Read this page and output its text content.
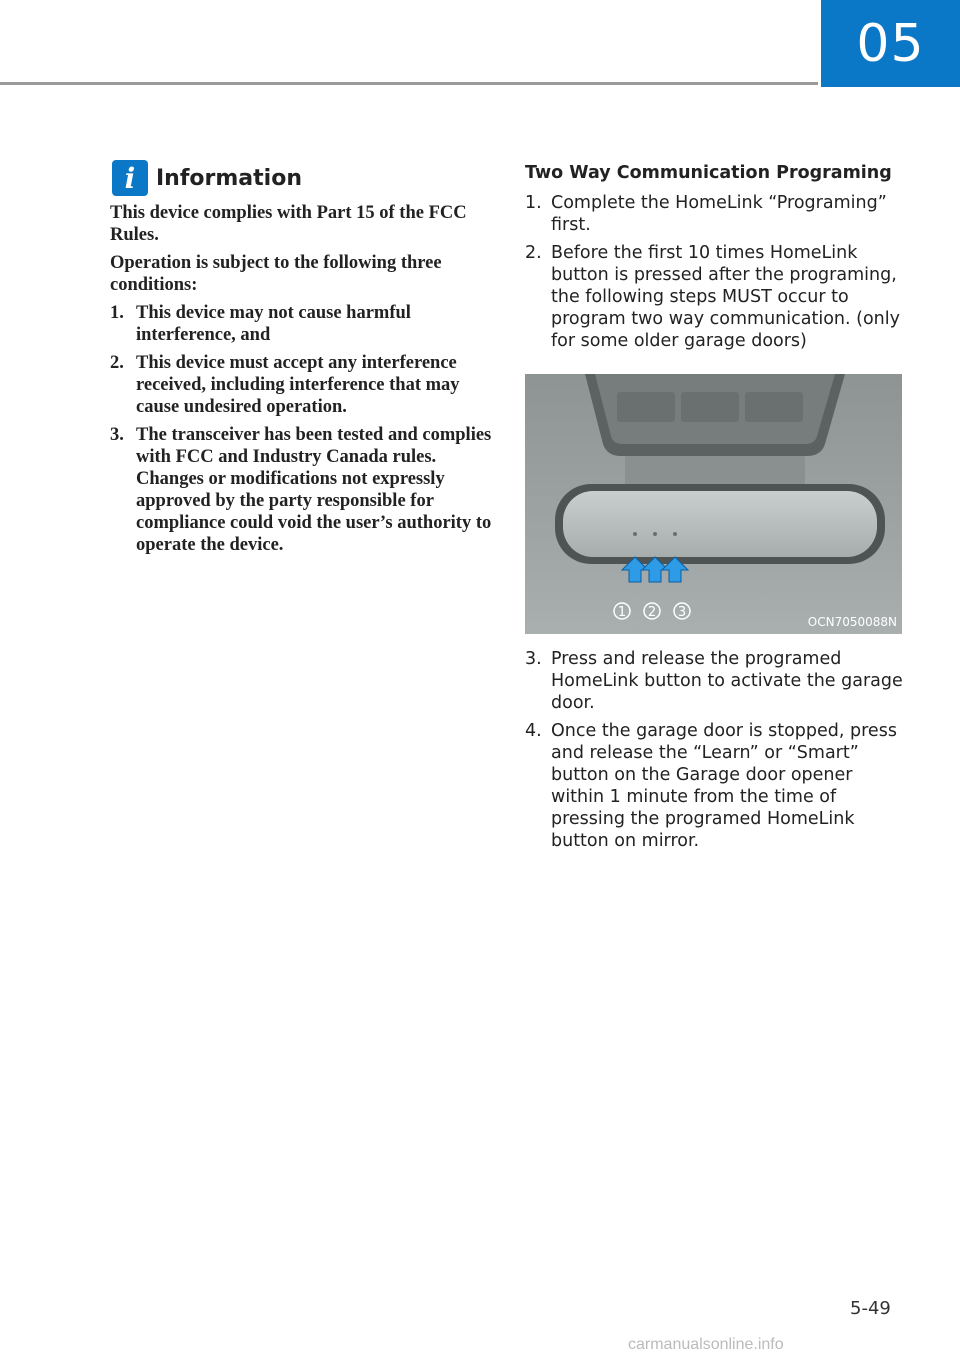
05
i Information

This device complies with Part 15 of the FCC Rules.

Operation is subject to the following three conditions:

1. This device may not cause harmful interference, and
2. This device must accept any interference received, including interference that may cause undesired operation.
3. The transceiver has been tested and complies with FCC and Industry Canada rules. Changes or modifications not expressly approved by the party responsible for compliance could void the user’s authority to operate the device.
Two Way Communication Programing
1. Complete the HomeLink “Programing” first.
2. Before the first 10 times HomeLink button is pressed after the programing, the following steps MUST occur to program two way communication. (only for some older garage doors)
1 2 3
OCN7050088N
3. Press and release the programed HomeLink button to activate the garage door.
4. Once the garage door is stopped, press and release the “Learn” or “Smart” button on the Garage door opener within 1 minute from the time of pressing the programed HomeLink button on mirror.
5-49
carmanualsonline.info
